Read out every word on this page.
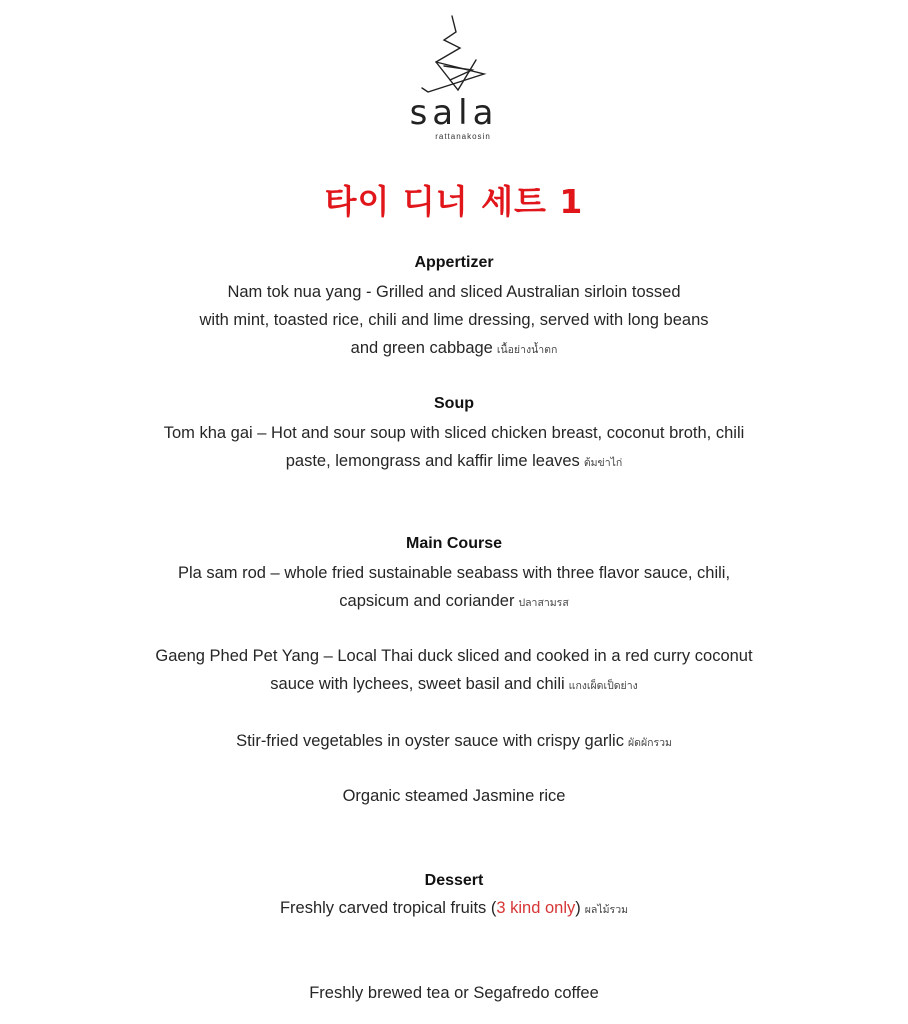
sala
rattanakosin
타이 디너 세트 1
Appertizer
Nam tok nua yang - Grilled and sliced Australian sirloin tossed
with mint, toasted rice, chili and lime dressing, served with long beans
and green cabbage เนื้อย่างน้ำตก
Soup
Tom kha gai – Hot and sour soup with sliced chicken breast, coconut broth, chili
paste, lemongrass and kaffir lime leaves ต้มข่าไก่
Main Course
Pla sam rod – whole fried sustainable seabass with three flavor sauce, chili,
capsicum and coriander ปลาสามรส
Gaeng Phed Pet Yang – Local Thai duck sliced and cooked in a red curry coconut
sauce with lychees, sweet basil and chili แกงเผ็ดเป็ดย่าง
Stir-fried vegetables in oyster sauce with crispy garlic ผัดผักรวม
Organic steamed Jasmine rice
Dessert
Freshly carved tropical fruits (3 kind only) ผลไม้รวม
Freshly brewed tea or Segafredo coffee
